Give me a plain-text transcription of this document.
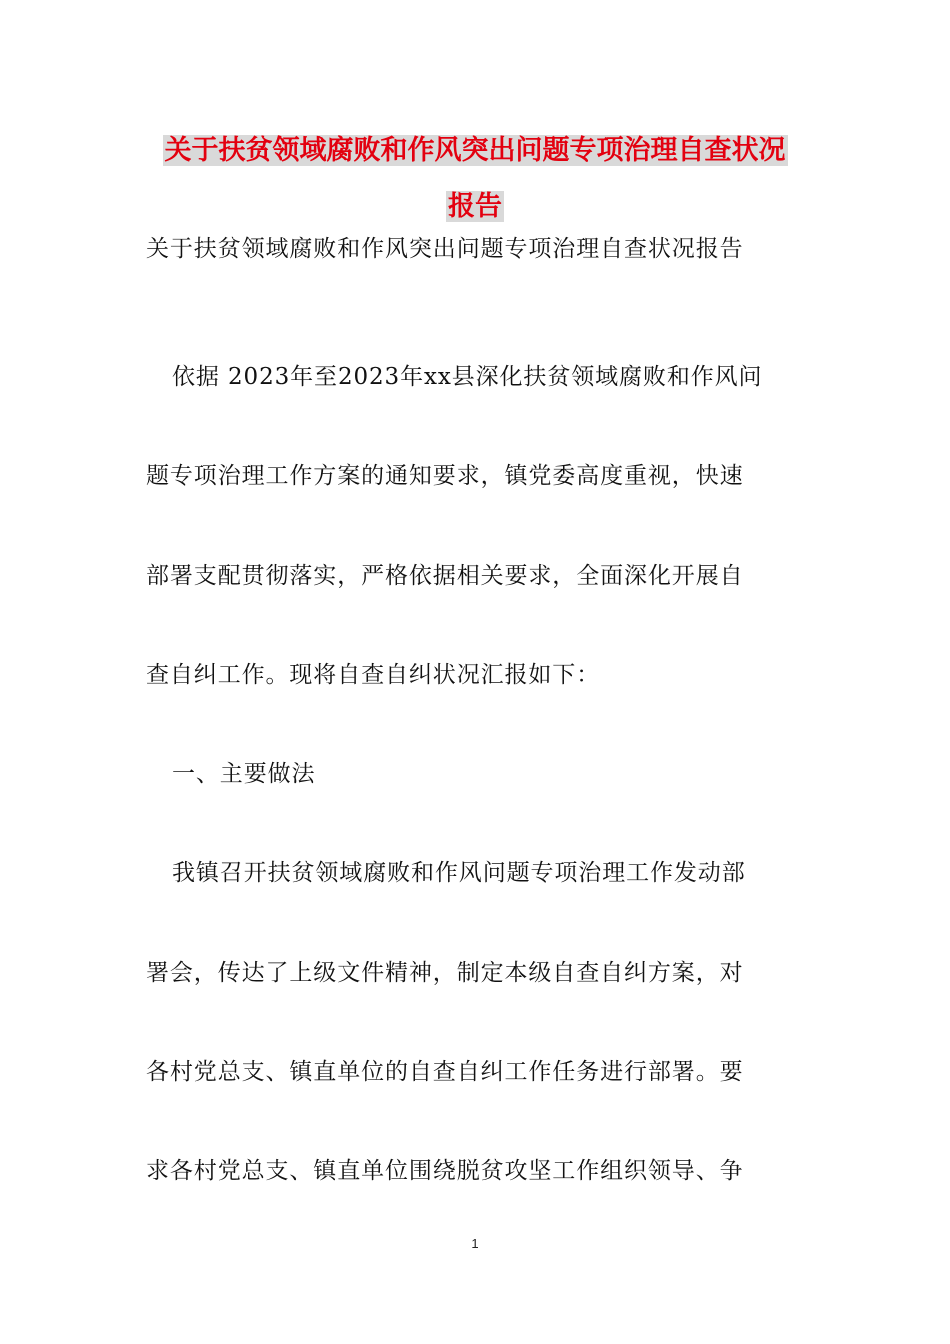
关于扶贫领域腐败和作风突出问题专项治理自查状况
报告
关于扶贫领域腐败和作风突出问题专项治理自查状况报告
依据 2023年至2023年xx县深化扶贫领域腐败和作风问
题专项治理工作方案的通知要求，镇党委高度重视，快速
部署支配贯彻落实，严格依据相关要求，全面深化开展自
查自纠工作。现将自查自纠状况汇报如下：
一、主要做法
我镇召开扶贫领域腐败和作风问题专项治理工作发动部
署会，传达了上级文件精神，制定本级自查自纠方案，对
各村党总支、镇直单位的自查自纠工作任务进行部署。要
求各村党总支、镇直单位围绕脱贫攻坚工作组织领导、争
1
